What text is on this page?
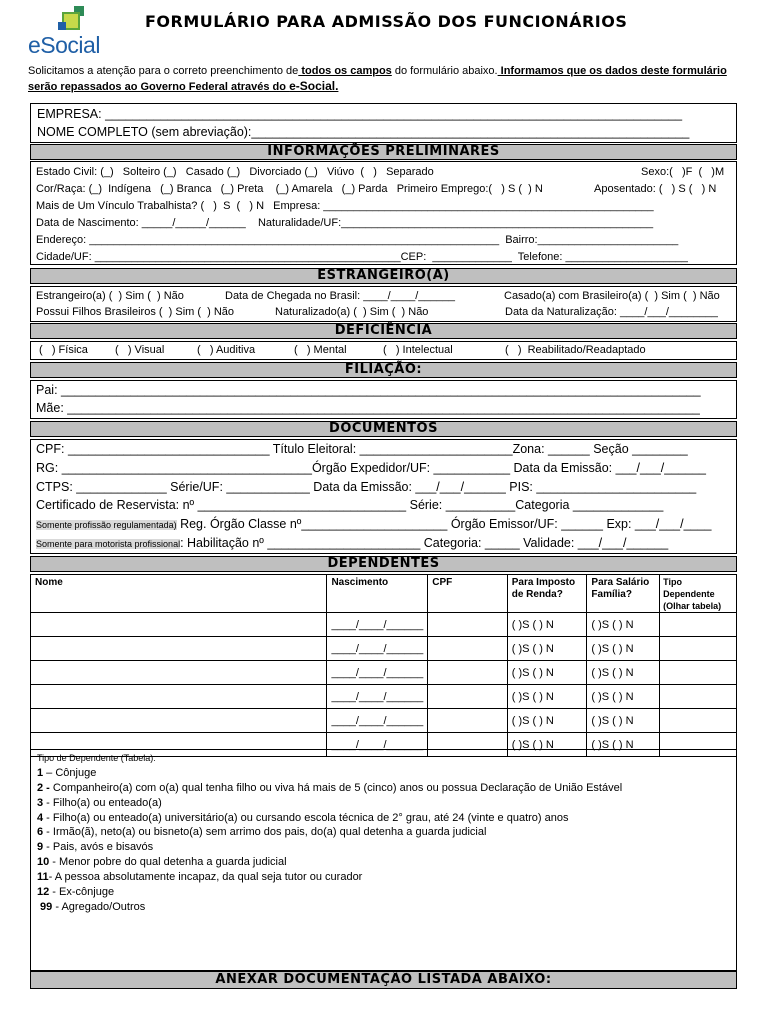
eSocial
FORMULÁRIO PARA ADMISSÃO DOS FUNCIONÁRIOS
Solicitamos a atenção para o correto preenchimento de todos os campos do formulário abaixo. Informamos que os dados deste formulário serão repassados ao Governo Federal através do e-Social.
EMPRESA: ___________________________________________________________________________________
NOME COMPLETO (sem abreviação):_______________________________________________________________
INFORMAÇÕES PRELIMINARES
Estado Civil: (_)   Solteiro (_)   Casado (_)   Divorciado (_)   Viúvo  (   )   Separado	Sexo:(   )F  (   )M
Cor/Raça: (_)  Indígena   (_) Branca   (_) Preta    (_) Amarela   (_) Parda   Primeiro Emprego:(   ) S (  ) N	Aposentado: (   ) S (   ) N
Mais de Um Vínculo Trabalhista? (   )  S  (   ) N   Empresa: ______________________________________________________
Data de Nascimento: _____/_____/______    Naturalidade/UF:___________________________________________________
Endereço: ___________________________________________________________________  Bairro:_______________________
Cidade/UF: __________________________________________________CEP:  _____________  Telefone: ____________________
ESTRANGEIRO(A)
Estrangeiro(a) (  ) Sim (  ) Não	Data de Chegada no Brasil: ____/____/______	Casado(a) com Brasileiro(a) (  ) Sim (  ) Não
Possui Filhos Brasileiros (  ) Sim (  ) Não	Naturalizado(a) (  ) Sim (  ) Não	Data da Naturalização: ____/___/________
DEFICIÊNCIA
(   ) Física (   ) Visual	(   ) Auditiva	(   ) Mental	(   ) Intelectual	(   )  Reabilitado/Readaptado
FILIAÇÃO:
Pai: ____________________________________________________________________________________________
Mãe: ___________________________________________________________________________________________
DOCUMENTOS
CPF: _____________________________ Título Eleitoral: ______________________Zona: ______ Seção ________
RG: ____________________________________Órgão Expedidor/UF: ___________ Data da Emissão: ___/___/______
CTPS: _____________ Série/UF: ____________ Data da Emissão: ___/___/______ PIS: _______________________
Certificado de Reservista: nº ______________________________ Série: __________Categoria _____________
Somente profissão regulamentada) Reg. Órgão Classe nº_____________________ Órgão Emissor/UF: ______ Exp: ___/___/____
Somente para motorista profissional: Habilitação nº ______________________ Categoria: _____ Validade: ___/___/______
DEPENDENTES
Nome	Nascimento	CPF	Para Imposto de Renda?	Para Salário Família?	Tipo Dependente (Olhar tabela)
	____/____/______		( )S ( ) N	( )S ( ) N	
	____/____/______		( )S ( ) N	( )S ( ) N	
	____/____/______		( )S ( ) N	( )S ( ) N	
	____/____/______		( )S ( ) N	( )S ( ) N	
	____/____/______		( )S ( ) N	( )S ( ) N	
	____/____/______		( )S ( ) N	( )S ( ) N	
Tipo de Dependente (Tabela):
1 – Cônjuge
2 - Companheiro(a) com o(a) qual tenha filho ou viva há mais de 5 (cinco) anos ou possua Declaração de União Estável
3 - Filho(a) ou enteado(a)
4 - Filho(a) ou enteado(a) universitário(a) ou cursando escola técnica de 2° grau, até 24 (vinte e quatro) anos
6 - Irmão(ã), neto(a) ou bisneto(a) sem arrimo dos pais, do(a) qual detenha a guarda judicial
9 - Pais, avós e bisavós
10 - Menor pobre do qual detenha a guarda judicial
11- A pessoa absolutamente incapaz, da qual seja tutor ou curador
12 - Ex-cônjuge
99 - Agregado/Outros
ANEXAR DOCUMENTAÇÃO LISTADA ABAIXO:
